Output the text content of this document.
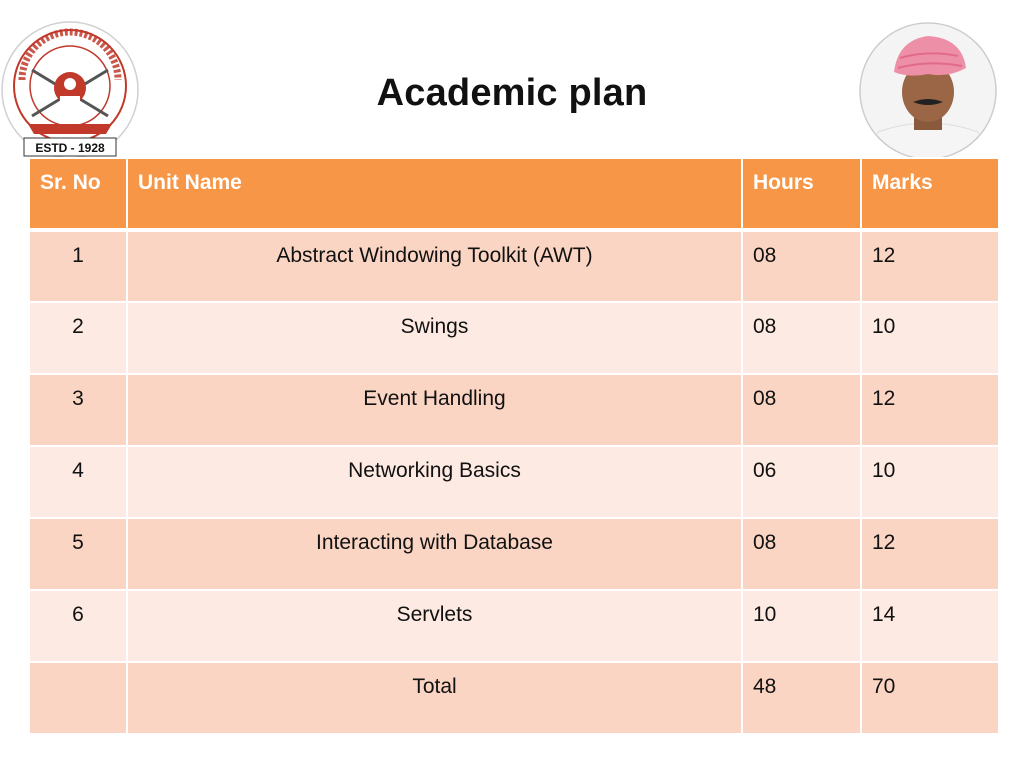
ESTD - 1928
Academic plan
Sr. No	Unit Name	Hours	Marks
1	Abstract Windowing Toolkit (AWT)	08	12
2	Swings	08	10
3	Event Handling	08	12
4	Networking Basics	06	10
5	Interacting with Database	08	12
6	Servlets	10	14
	Total	48	70
